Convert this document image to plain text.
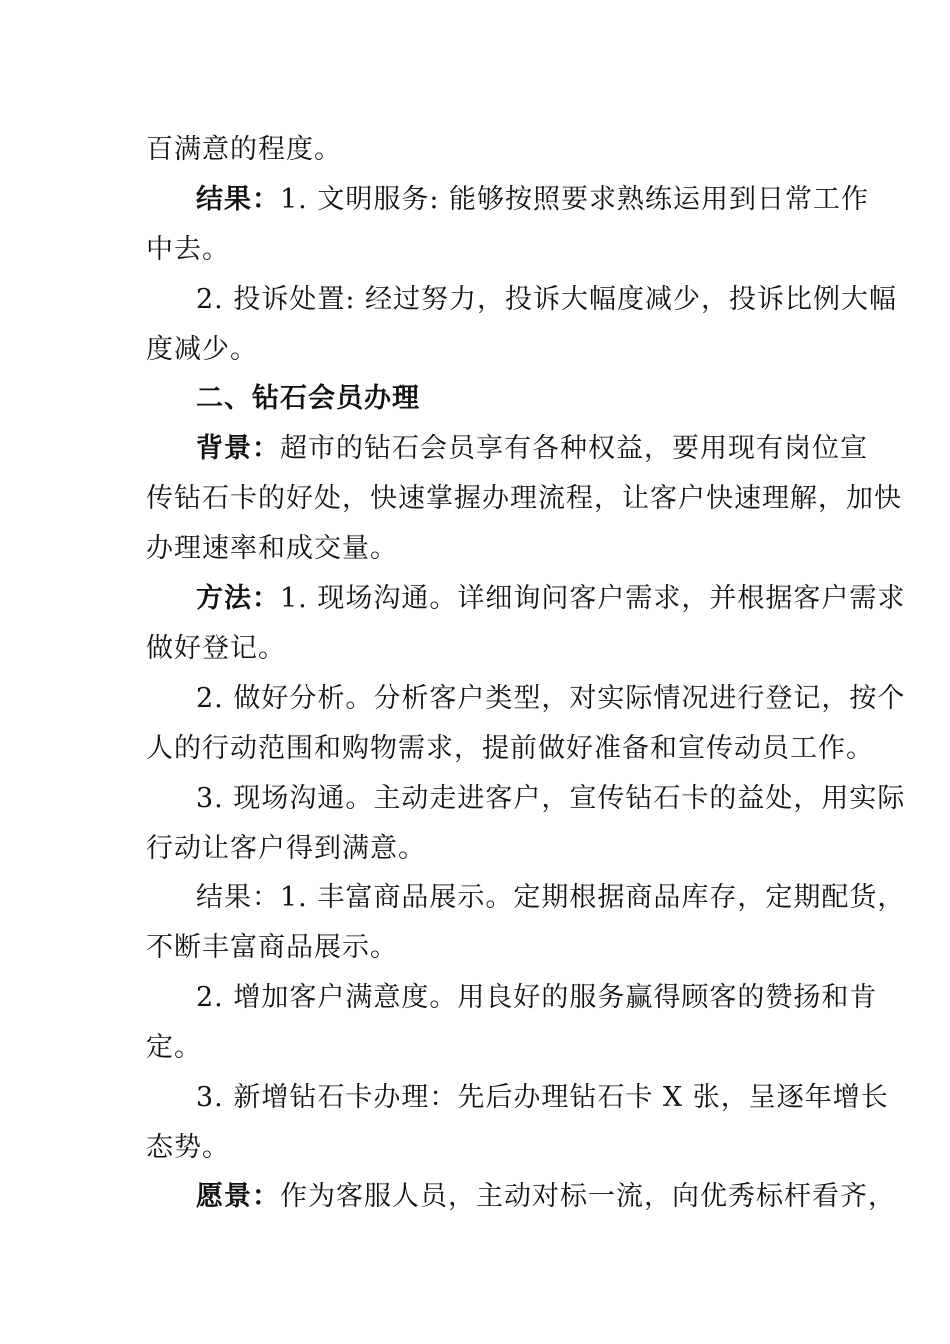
百满意的程度。
结果：1. 文明服务: 能够按照要求熟练运用到日常工作
中去。
2. 投诉处置: 经过努力，投诉大幅度减少，投诉比例大幅
度减少。
二、钻石会员办理
背景：超市的钻石会员享有各种权益，要用现有岗位宣
传钻石卡的好处，快速掌握办理流程，让客户快速理解，加快
办理速率和成交量。
方法：1. 现场沟通。详细询问客户需求，并根据客户需求
做好登记。
2. 做好分析。分析客户类型，对实际情况进行登记，按个
人的行动范围和购物需求，提前做好准备和宣传动员工作。
3. 现场沟通。主动走进客户，宣传钻石卡的益处，用实际
行动让客户得到满意。
结果：1. 丰富商品展示。定期根据商品库存，定期配货，
不断丰富商品展示。
2. 增加客户满意度。用良好的服务赢得顾客的赞扬和肯
定。
3. 新增钻石卡办理：先后办理钻石卡 X 张，呈逐年增长
态势。
愿景：作为客服人员，主动对标一流，向优秀标杆看齐，
